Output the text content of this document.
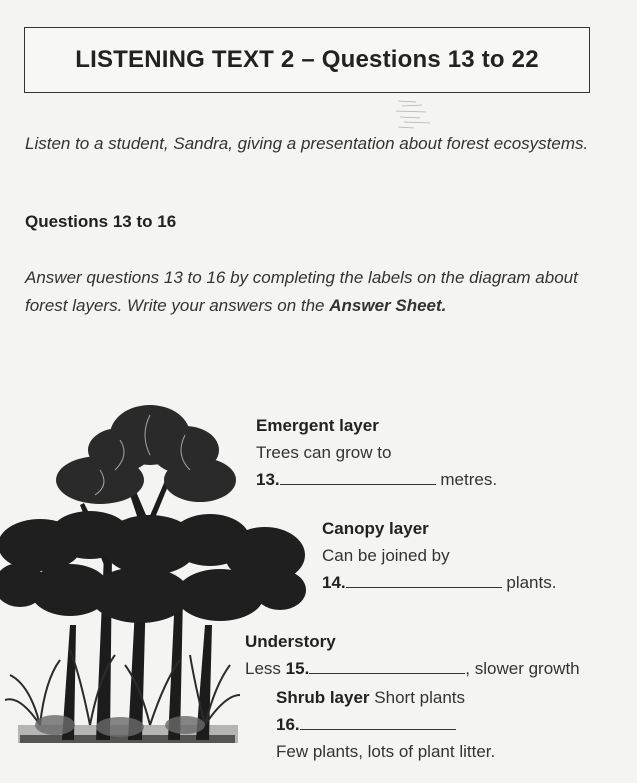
LISTENING TEXT 2 – Questions 13 to 22
Listen to a student, Sandra, giving a presentation about forest ecosystems.
Questions 13 to 16
Answer questions 13 to 16 by completing the labels on the diagram about forest layers. Write your answers on the Answer Sheet.
Emergent layer
Trees can grow to
13.	metres.
Canopy layer
Can be joined by
14.	plants.
Understory
Less 15.	, slower growth
Shrub layer Short plants
16.
Few plants, lots of plant litter.
